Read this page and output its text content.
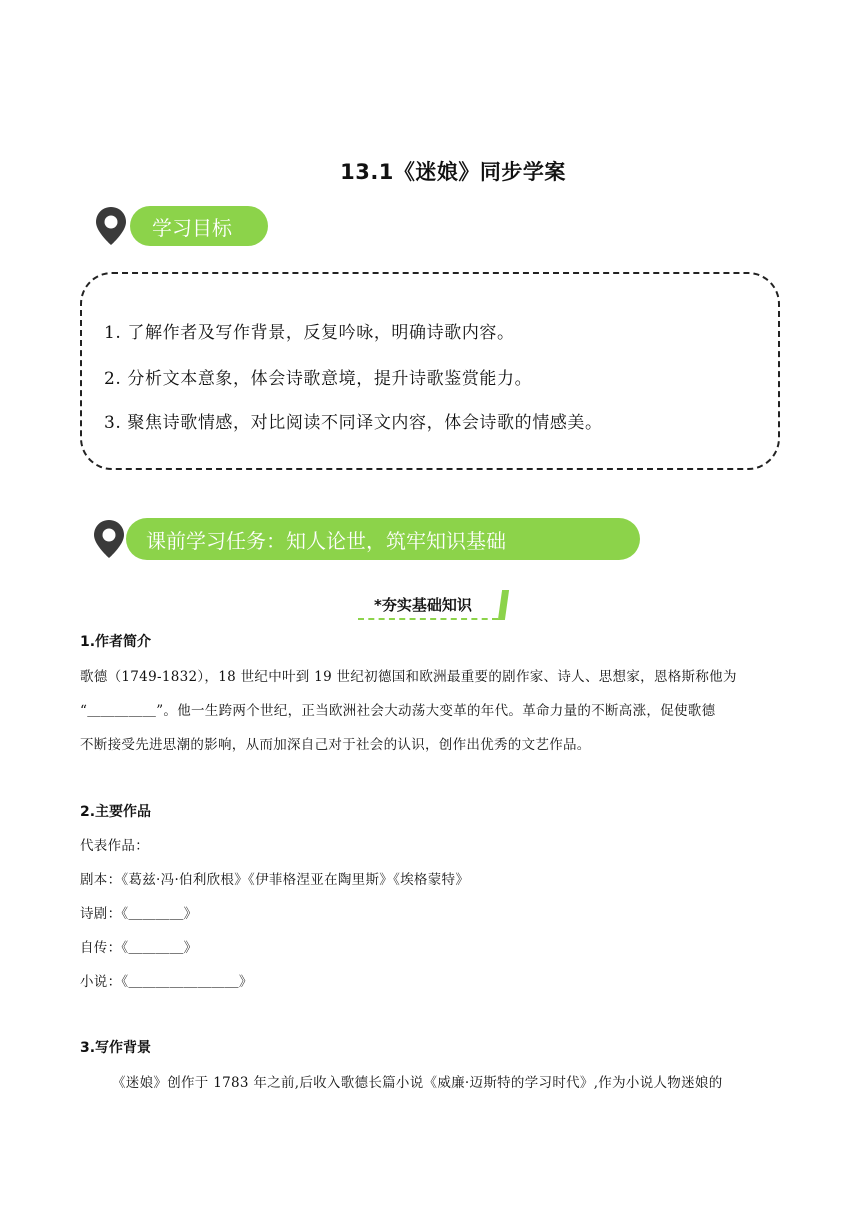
13.1《迷娘》同步学案
学习目标
1. 了解作者及写作背景，反复吟咏，明确诗歌内容。
2. 分析文本意象，体会诗歌意境，提升诗歌鉴赏能力。
3. 聚焦诗歌情感，对比阅读不同译文内容，体会诗歌的情感美。
课前学习任务：知人论世，筑牢知识基础
*夯实基础知识
1.作者简介
歌德（1749-1832），18 世纪中叶到 19 世纪初德国和欧洲最重要的剧作家、诗人、思想家，恩格斯称他为
“＿＿＿＿＿”。他一生跨两个世纪，正当欧洲社会大动荡大变革的年代。革命力量的不断高涨，促使歌德
不断接受先进思潮的影响，从而加深自己对于社会的认识，创作出优秀的文艺作品。
2.主要作品
代表作品：
剧本：《葛兹·冯·伯利欣根》《伊菲格涅亚在陶里斯》《埃格蒙特》
诗剧：《＿＿＿＿》
自传：《＿＿＿＿》
小说：《＿＿＿＿＿＿＿＿》
3.写作背景
《迷娘》创作于 1783 年之前,后收入歌德长篇小说《威廉·迈斯特的学习时代》,作为小说人物迷娘的
